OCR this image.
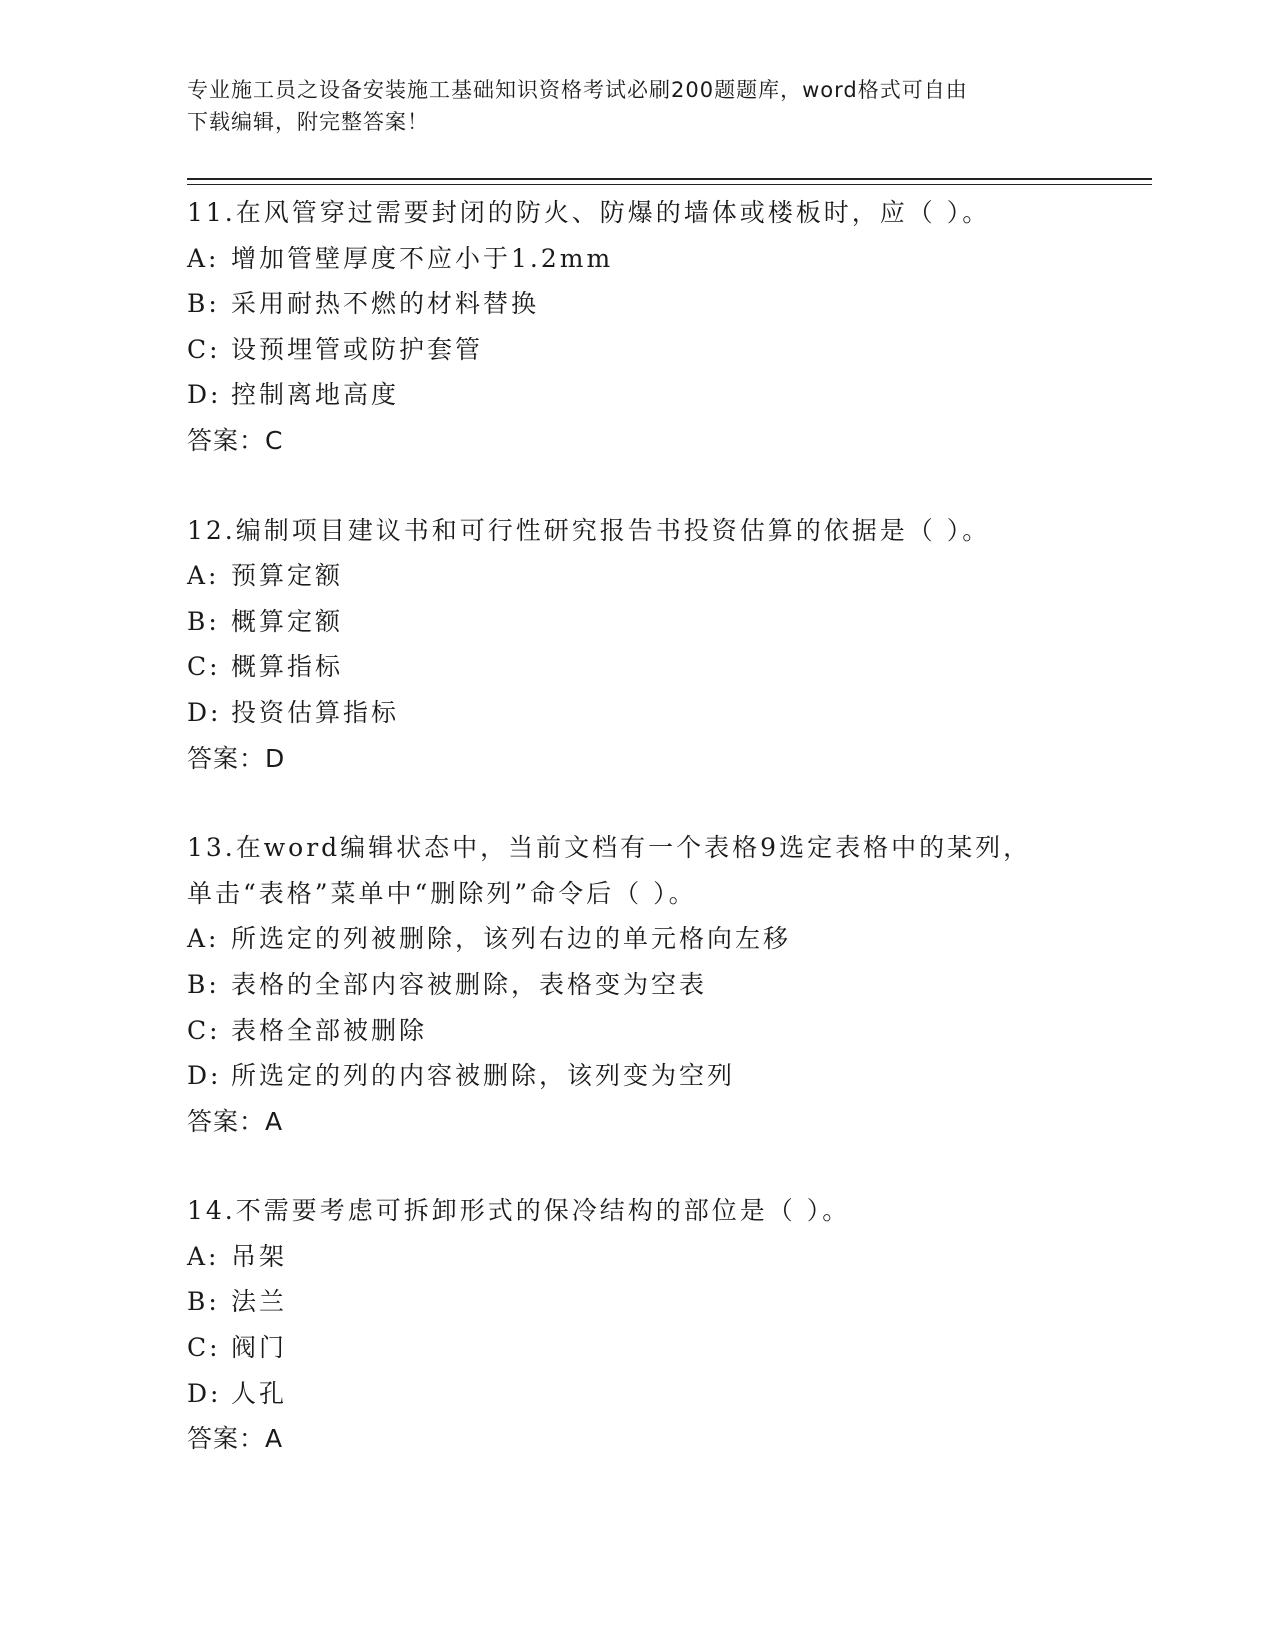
专业施工员之设备安装施工基础知识资格考试必刷200题题库，word格式可自由
下载编辑，附完整答案！
11.在风管穿过需要封闭的防火、防爆的墙体或楼板时，应（ ）。
A: 增加管壁厚度不应小于1.2mm
B: 采用耐热不燃的材料替换
C: 设预埋管或防护套管
D: 控制离地高度
答案：C
12.编制项目建议书和可行性研究报告书投资估算的依据是（ ）。
A: 预算定额
B: 概算定额
C: 概算指标
D: 投资估算指标
答案：D
13.在word编辑状态中，当前文档有一个表格9选定表格中的某列，
单击“表格”菜单中“删除列”命令后（ ）。
A: 所选定的列被删除，该列右边的单元格向左移
B: 表格的全部内容被删除，表格变为空表
C: 表格全部被删除
D: 所选定的列的内容被删除，该列变为空列
答案：A
14.不需要考虑可拆卸形式的保冷结构的部位是（ ）。
A: 吊架
B: 法兰
C: 阀门
D: 人孔
答案：A
